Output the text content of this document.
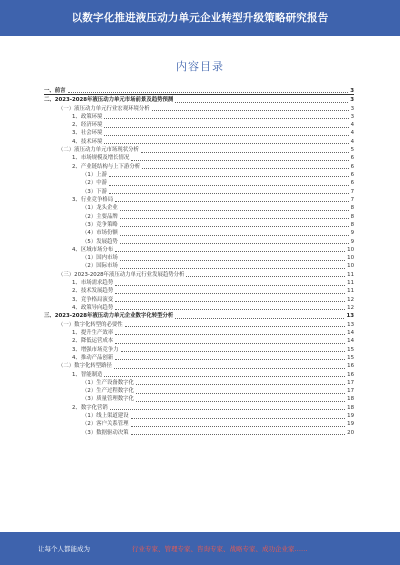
以数字化推进液压动力单元企业转型升级策略研究报告
内容目录
一、前言	3
二、2023-2028年液压动力单元市场前景及趋势预测	3
（一）液压动力单元行业宏观环境分析	3
1、政策环境	3
2、经济环境	4
3、社会环境	4
4、技术环境	4
（二）液压动力单元市场现状分析	5
1、市场规模及增长情况	6
2、产业链结构与上下游分析	6
（1）上游	6
（2）中游	6
（3）下游	7
3、行业竞争格局	7
（1）龙头企业	8
（2）主要品牌	8
（3）竞争策略	8
（4）市场份额	9
（5）发展趋势	9
4、区域市场分布	10
（1）国内市场	10
（2）国际市场	10
（三）2023-2028年液压动力单元行业发展趋势分析	11
1、市场需求趋势	11
2、技术发展趋势	11
3、竞争格局演变	12
4、政策导向趋势	12
三、2023-2028年液压动力单元企业数字化转型分析	13
（一）数字化转型的必要性	13
1、提升生产效率	14
2、降低运营成本	14
3、增强市场竞争力	15
4、推动产品创新	15
（二）数字化转型路径	16
1、智能制造	16
（1）生产设备数字化	17
（2）生产过程数字化	17
（3）质量管理数字化	18
2、数字化营销	18
（1）线上渠道建设	19
（2）客户关系管理	19
（3）数据驱动决策	20
让每个人都能成为	行业专家、管理专家、咨询专家、战略专家、成功企业家……
